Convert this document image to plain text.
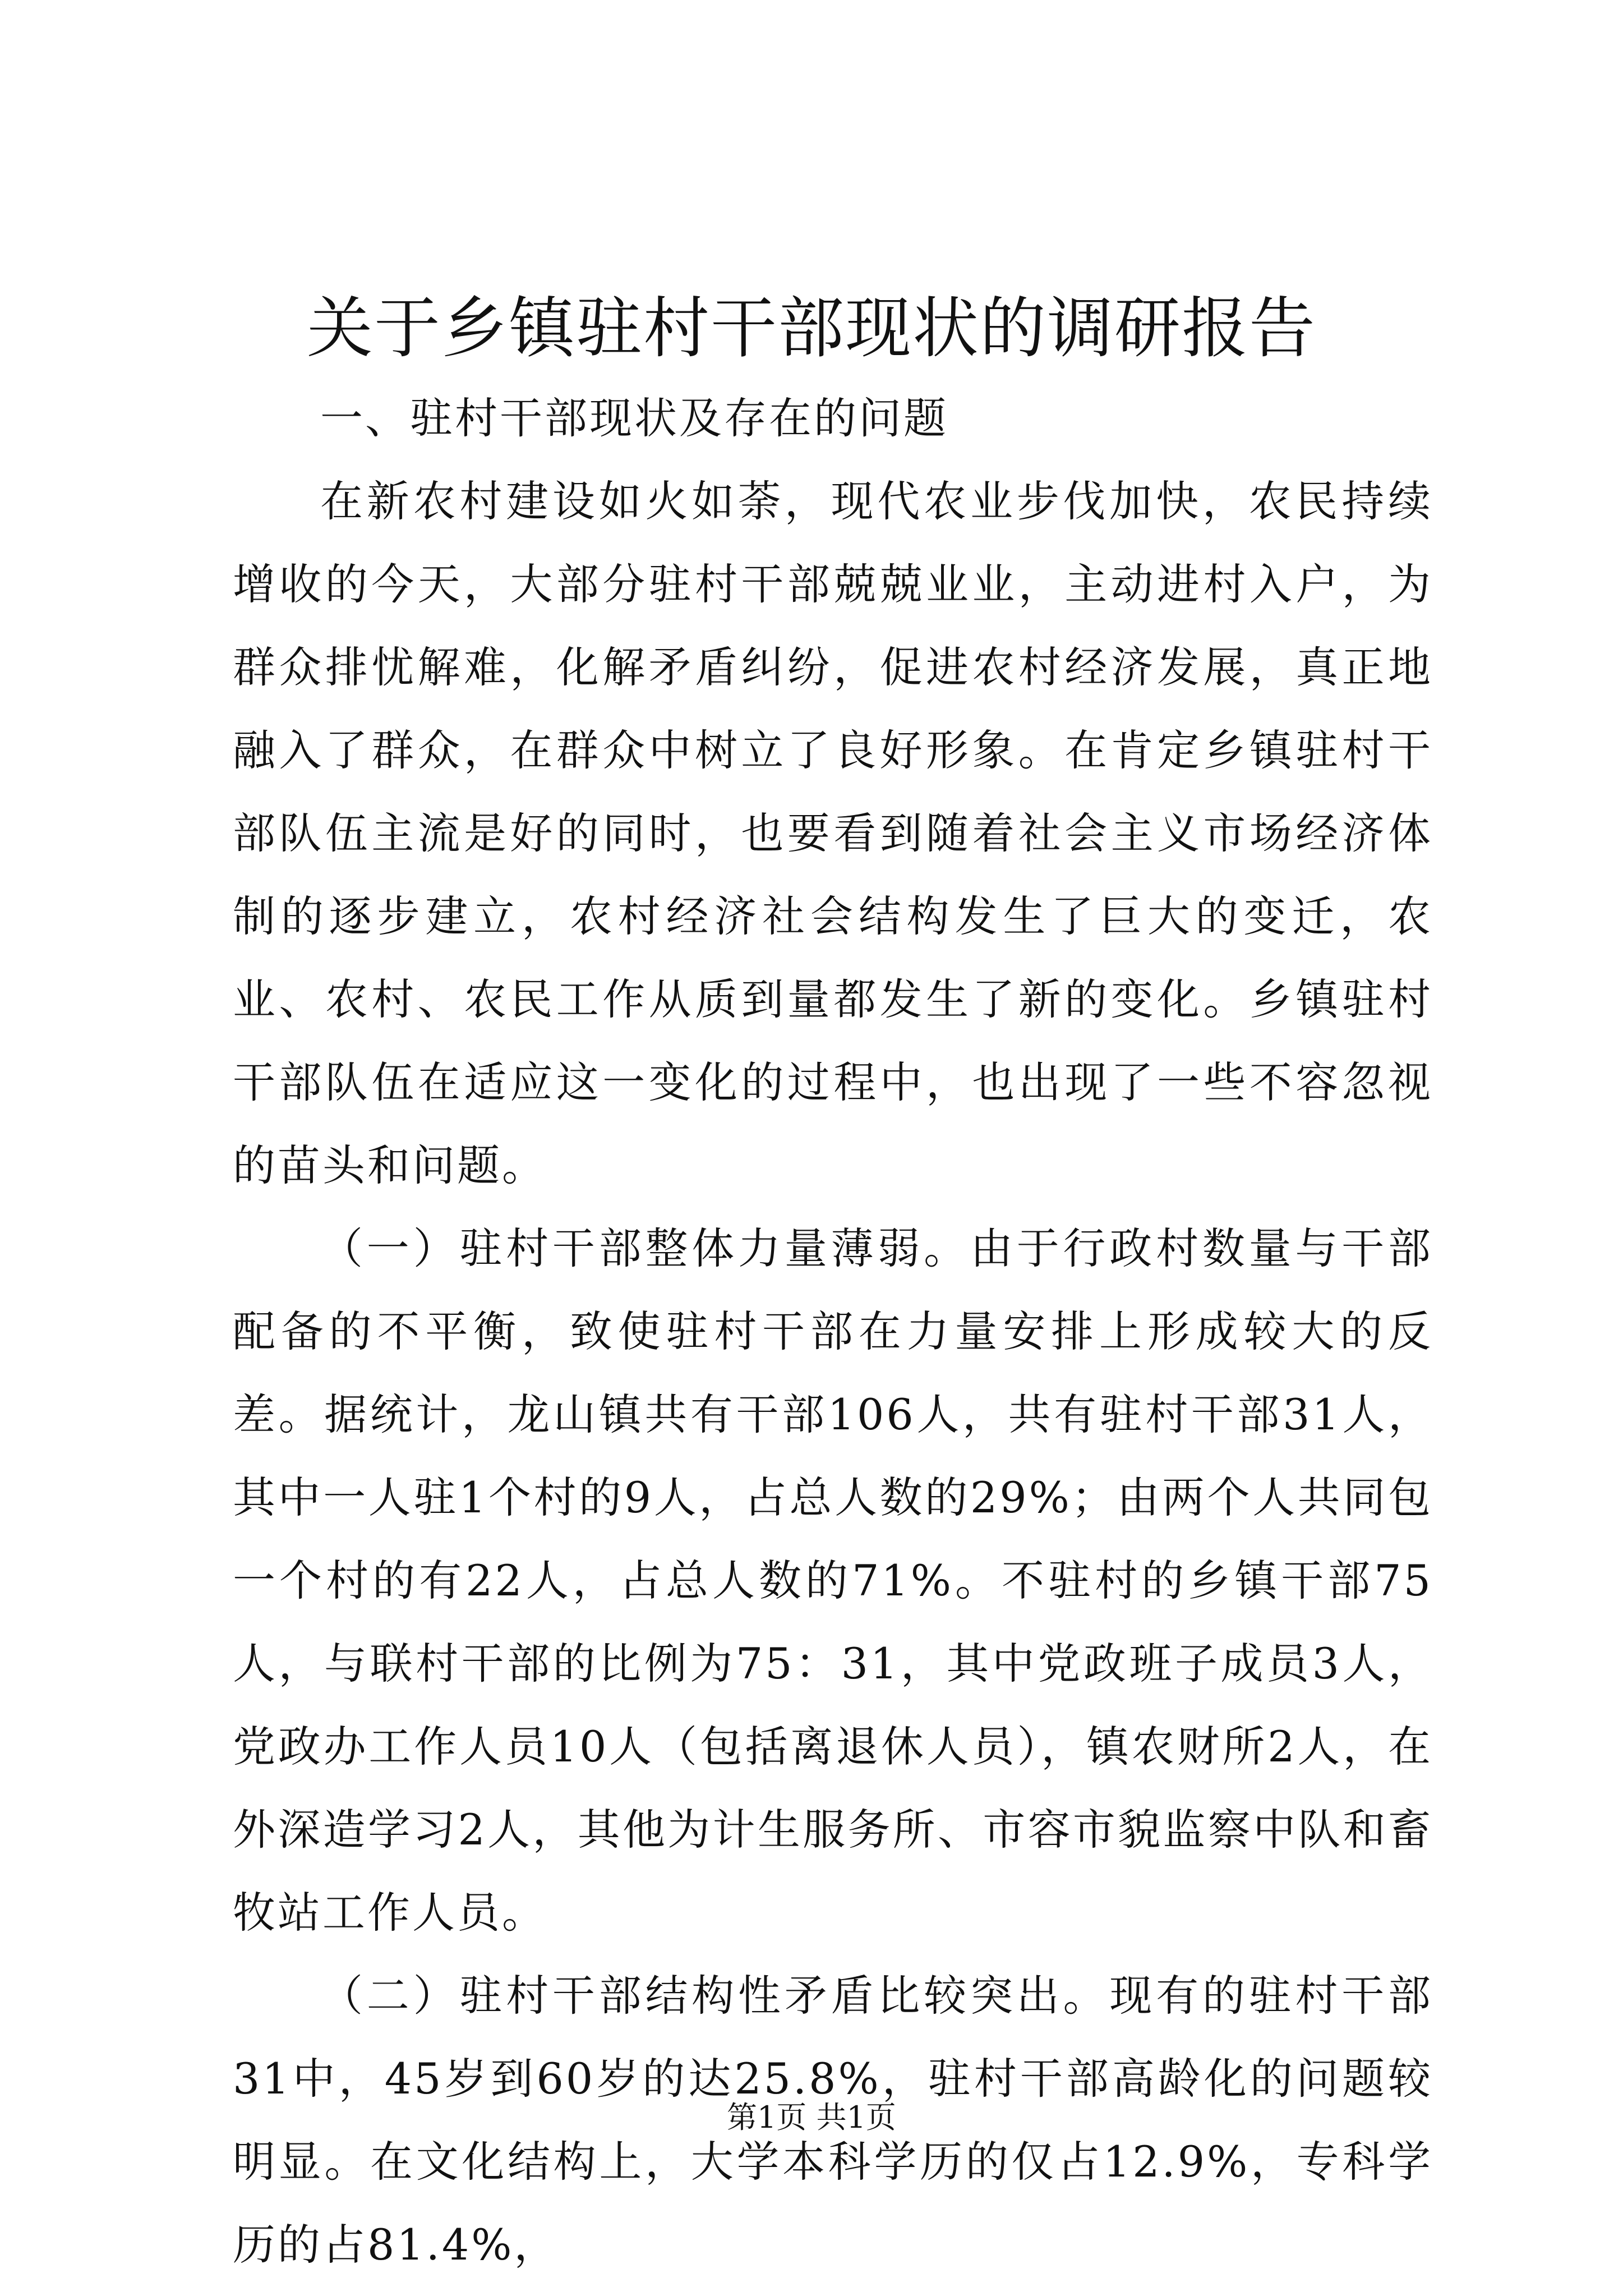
关于乡镇驻村干部现状的调研报告

一、驻村干部现状及存在的问题

在新农村建设如火如荼，现代农业步伐加快，农民持续增收的今天，大部分驻村干部兢兢业业，主动进村入户，为群众排忧解难，化解矛盾纠纷，促进农村经济发展，真正地融入了群众，在群众中树立了良好形象。在肯定乡镇驻村干部队伍主流是好的同时，也要看到随着社会主义市场经济体制的逐步建立，农村经济社会结构发生了巨大的变迁，农业、农村、农民工作从质到量都发生了新的变化。乡镇驻村干部队伍在适应这一变化的过程中，也出现了一些不容忽视的苗头和问题。

（一）驻村干部整体力量薄弱。由于行政村数量与干部配备的不平衡，致使驻村干部在力量安排上形成较大的反差。据统计，龙山镇共有干部106人，共有驻村干部31人，其中一人驻1个村的9人，占总人数的29%；由两个人共同包一个村的有22人，占总人数的71%。不驻村的乡镇干部75人，与联村干部的比例为75：31，其中党政班子成员3人，党政办工作人员10人（包括离退休人员），镇农财所2人，在外深造学习2人，其他为计生服务所、市容市貌监察中队和畜牧站工作人员。

（二）驻村干部结构性矛盾比较突出。现有的驻村干部31中，45岁到60岁的达25.8%，驻村干部高龄化的问题较明显。在文化结构上，大学本科学历的仅占12.9%，专科学历的占81.4%，

第1页 共1页
